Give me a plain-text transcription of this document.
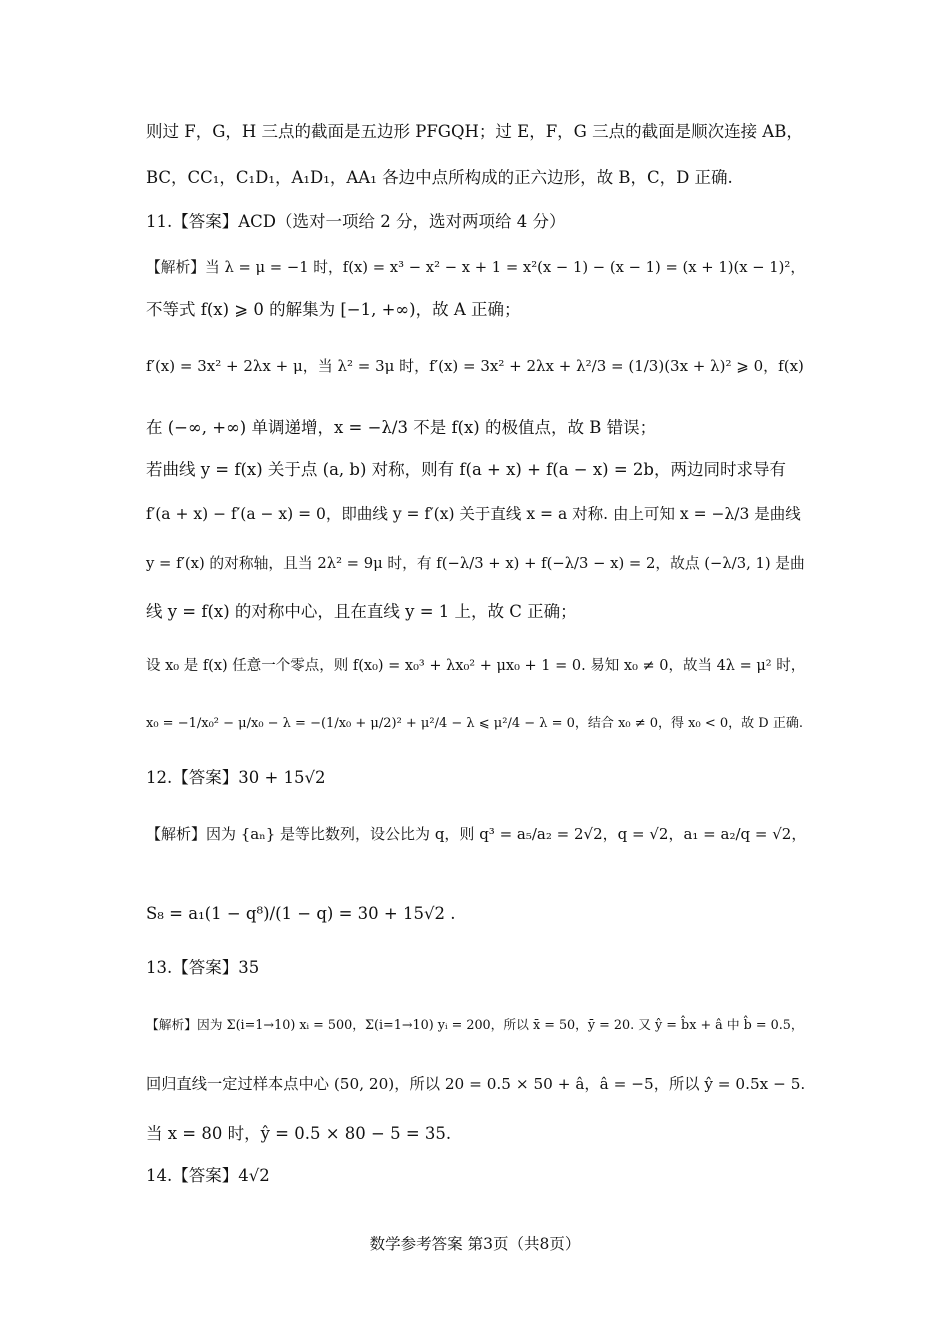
则过 F，G，H 三点的截面是五边形 PFGQH；过 E，F，G 三点的截面是顺次连接 AB，
BC，CC₁，C₁D₁，A₁D₁，AA₁ 各边中点所构成的正六边形，故 B，C，D 正确.
11.【答案】ACD（选对一项给 2 分，选对两项给 4 分）
【解析】当 λ = μ = −1 时，f(x) = x³ − x² − x + 1 = x²(x − 1) − (x − 1) = (x + 1)(x − 1)²，
不等式 f(x) ⩾ 0 的解集为 [−1, +∞)，故 A 正确；
f′(x) = 3x² + 2λx + μ，当 λ² = 3μ 时，f′(x) = 3x² + 2λx + λ²/3 = (1/3)(3x + λ)² ⩾ 0，f(x)
在 (−∞, +∞) 单调递增，x = −λ/3 不是 f(x) 的极值点，故 B 错误；
若曲线 y = f(x) 关于点 (a, b) 对称，则有 f(a + x) + f(a − x) = 2b，两边同时求导有
f′(a + x) − f′(a − x) = 0，即曲线 y = f′(x) 关于直线 x = a 对称. 由上可知 x = −λ/3 是曲线
y = f′(x) 的对称轴，且当 2λ² = 9μ 时，有 f(−λ/3 + x) + f(−λ/3 − x) = 2，故点 (−λ/3, 1) 是曲
线 y = f(x) 的对称中心，且在直线 y = 1 上，故 C 正确；
设 x₀ 是 f(x) 任意一个零点，则 f(x₀) = x₀³ + λx₀² + μx₀ + 1 = 0. 易知 x₀ ≠ 0，故当 4λ = μ² 时，
x₀ = −1/x₀² − μ/x₀ − λ = −(1/x₀ + μ/2)² + μ²/4 − λ ⩽ μ²/4 − λ = 0，结合 x₀ ≠ 0，得 x₀ < 0，故 D 正确.
12.【答案】30 + 15√2
【解析】因为 {aₙ} 是等比数列，设公比为 q，则 q³ = a₅/a₂ = 2√2，q = √2，a₁ = a₂/q = √2，
S₈ = a₁(1 − q⁸)/(1 − q) = 30 + 15√2 .
13.【答案】35
【解析】因为 Σ(i=1→10) xᵢ = 500，Σ(i=1→10) yᵢ = 200，所以 x̄ = 50，ȳ = 20. 又 ŷ = b̂x + â 中 b̂ = 0.5，
回归直线一定过样本点中心 (50, 20)，所以 20 = 0.5 × 50 + â，â = −5，所以 ŷ = 0.5x − 5.
当 x = 80 时，ŷ = 0.5 × 80 − 5 = 35.
14.【答案】4√2
数学参考答案 第3页（共8页）
